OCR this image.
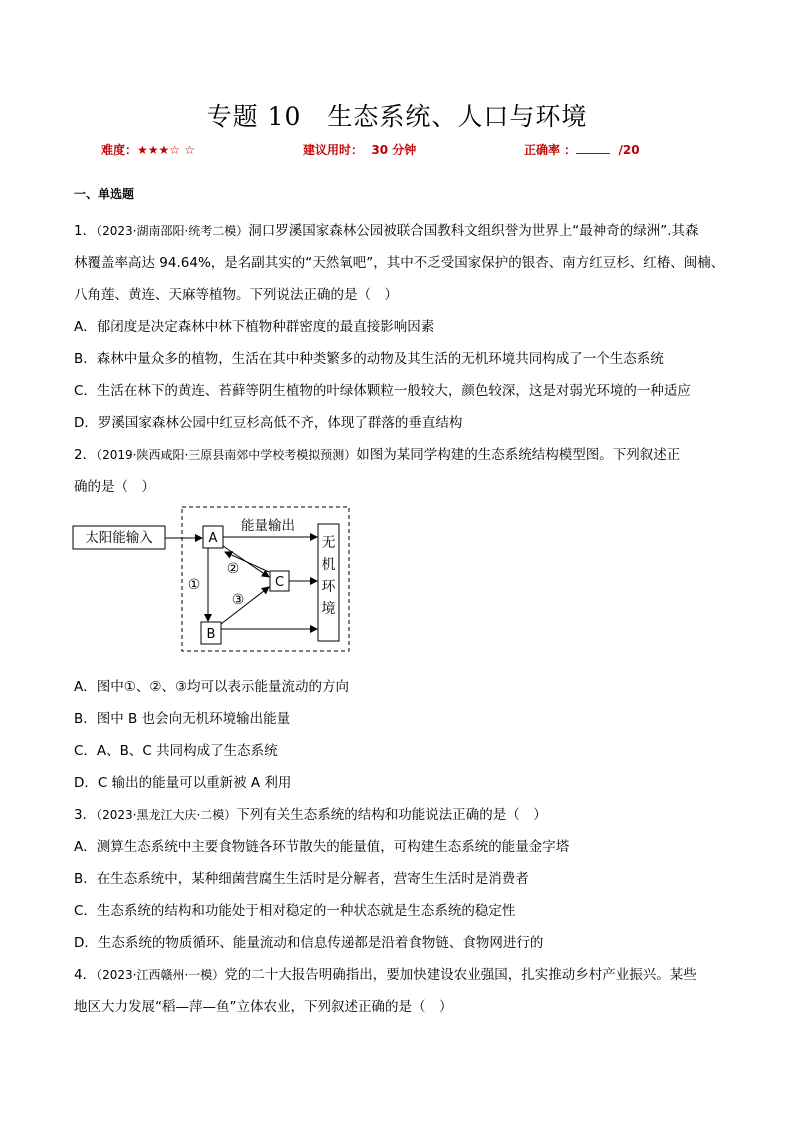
专题 10　生态系统、人口与环境
难度：★★★☆ ☆	建议用时： 30 分钟	正确率 ：	/20
一、单选题
1．（2023·湖南邵阳·统考二模）洞口罗溪国家森林公园被联合国教科文组织誉为世界上“最神奇的绿洲”.其森
林覆盖率高达 94.64%，是名副其实的“天然氧吧”，其中不乏受国家保护的银杏、南方红豆杉、红椿、闽楠、
八角莲、黄连、天麻等植物。下列说法正确的是（　）
A．郁闭度是决定森林中林下植物种群密度的最直接影响因素
B．森林中量众多的植物，生活在其中种类繁多的动物及其生活的无机环境共同构成了一个生态系统
C．生活在林下的黄连、苔藓等阴生植物的叶绿体颗粒一般较大，颜色较深，这是对弱光环境的一种适应
D．罗溪国家森林公园中红豆杉高低不齐，体现了群落的垂直结构
2．（2019·陕西咸阳·三原县南郊中学校考模拟预测）如图为某同学构建的生态系统结构模型图。下列叙述正
确的是（　）
太阳能输入	A
B
C
无
机
环
境
能量输出
①
②
③
A．图中①、②、③均可以表示能量流动的方向
B．图中 B 也会向无机环境输出能量
C．A、B、C 共同构成了生态系统
D．C 输出的能量可以重新被 A 利用
3．（2023·黑龙江大庆·二模）下列有关生态系统的结构和功能说法正确的是（　）
A．测算生态系统中主要食物链各环节散失的能量值，可构建生态系统的能量金字塔
B．在生态系统中，某种细菌营腐生生活时是分解者，营寄生生活时是消费者
C．生态系统的结构和功能处于相对稳定的一种状态就是生态系统的稳定性
D．生态系统的物质循环、能量流动和信息传递都是沿着食物链、食物网进行的
4．（2023·江西赣州·一模）党的二十大报告明确指出，要加快建设农业强国，扎实推动乡村产业振兴。某些
地区大力发展“稻—萍—鱼”立体农业，下列叙述正确的是（　）
